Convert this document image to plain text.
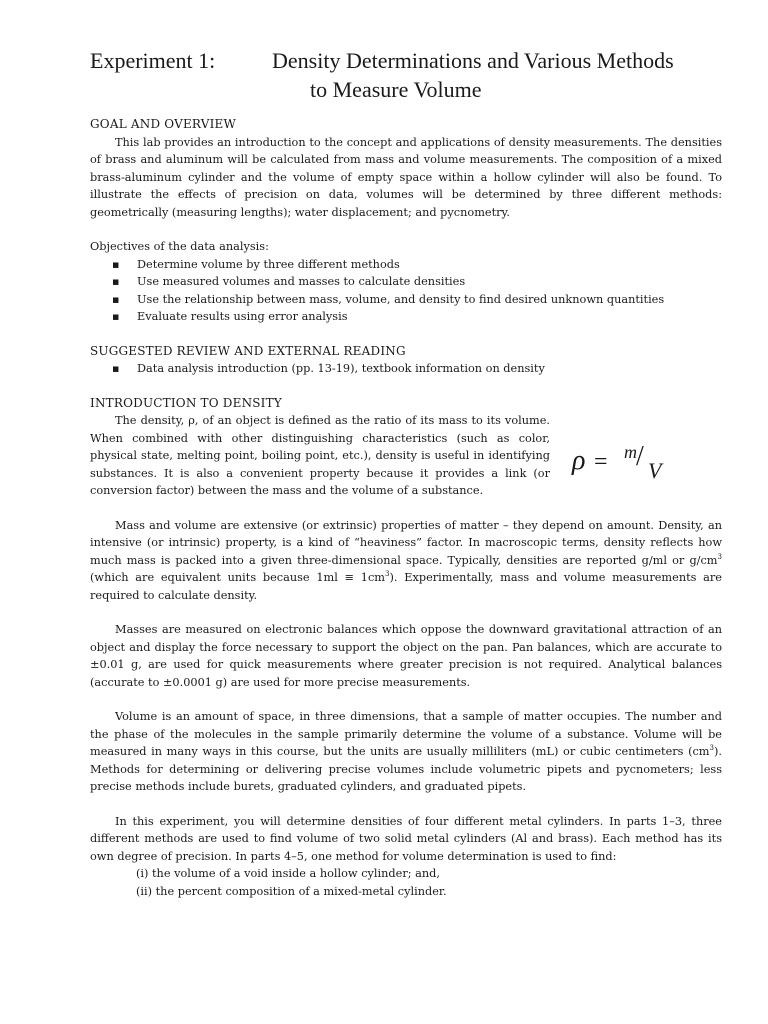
Experiment 1:	Density Determinations and Various Methods
to Measure Volume
GOAL AND OVERVIEW

This lab provides an introduction to the concept and applications of density measurements. The densities of brass and aluminum will be calculated from mass and volume measurements. The composition of a mixed brass-aluminum cylinder and the volume of empty space within a hollow cylinder will also be found. To illustrate the effects of precision on data, volumes will be determined by three different methods: geometrically (measuring lengths); water displacement; and pycnometry.

Objectives of the data analysis:

▪ Determine volume by three different methods
▪ Use measured volumes and masses to calculate densities
▪ Use the relationship between mass, volume, and density to find desired unknown quantities
▪ Evaluate results using error analysis
SUGGESTED REVIEW AND EXTERNAL READING
▪ Data analysis introduction (pp. 13-19), textbook information on density
INTRODUCTION TO DENSITY

The density, ρ, of an object is defined as the ratio of its mass to its volume. When combined with other distinguishing characteristics (such as color, physical state, melting point, boiling point, etc.), density is useful in identifying substances. It is also a convenient property because it provides a link (or conversion factor) between the mass and the volume of a substance.

ρ = m / V

Mass and volume are extensive (or extrinsic) properties of matter – they depend on amount. Density, an intensive (or intrinsic) property, is a kind of “heaviness” factor. In macroscopic terms, density reflects how much mass is packed into a given three-dimensional space. Typically, densities are reported g/ml or $g/cm^3$ (which are equivalent units because $1ml \equiv 1cm^3$). Experimentally, mass and volume measurements are required to calculate density.

Masses are measured on electronic balances which oppose the downward gravitational attraction of an object and display the force necessary to support the object on the pan. Pan balances, which are accurate to ±0.01 g, are used for quick measurements where greater precision is not required. Analytical balances (accurate to ±0.0001 g) are used for more precise measurements.

Volume is an amount of space, in three dimensions, that a sample of matter occupies. The number and the phase of the molecules in the sample primarily determine the volume of a substance. Volume will be measured in many ways in this course, but the units are usually milliliters (mL) or cubic centimeters $(cm^3)$. Methods for determining or delivering precise volumes include volumetric pipets and pycnometers; less precise methods include burets, graduated cylinders, and graduated pipets.

In this experiment, you will determine densities of four different metal cylinders. In parts 1–3, three different methods are used to find volume of two solid metal cylinders (Al and brass). Each method has its own degree of precision. In parts 4–5, one method for volume determination is used to find:

(i) the volume of a void inside a hollow cylinder; and,

(ii) the percent composition of a mixed-metal cylinder.
